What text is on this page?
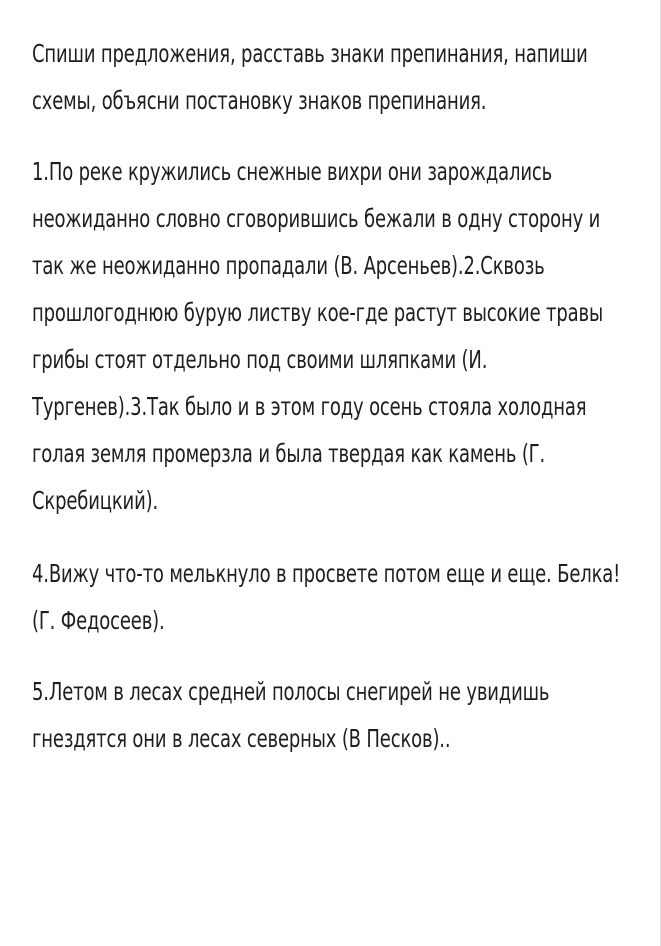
Спиши предложения, расставь знаки препинания, напиши схемы, объясни постановку знаков препинания.

1.По реке кружились снежные вихри они зарождались неожиданно словно сговорившись бежали в одну сторону и так же неожиданно пропадали (В. Арсеньев).2.Сквозь прошлогоднюю бурую листву кое-где растут высокие травы грибы стоят отдельно под своими шляпками (И. Тургенев).3.Так было и в этом году осень стояла холодная голая земля промерзла и была твердая как камень (Г. Скребицкий).

4.Вижу что-то мелькнуло в просвете потом еще и еще. Белка! (Г. Федосеев).

5.Летом в лесах средней полосы снегирей не увидишь гнездятся они в лесах северных (В Песков)..
